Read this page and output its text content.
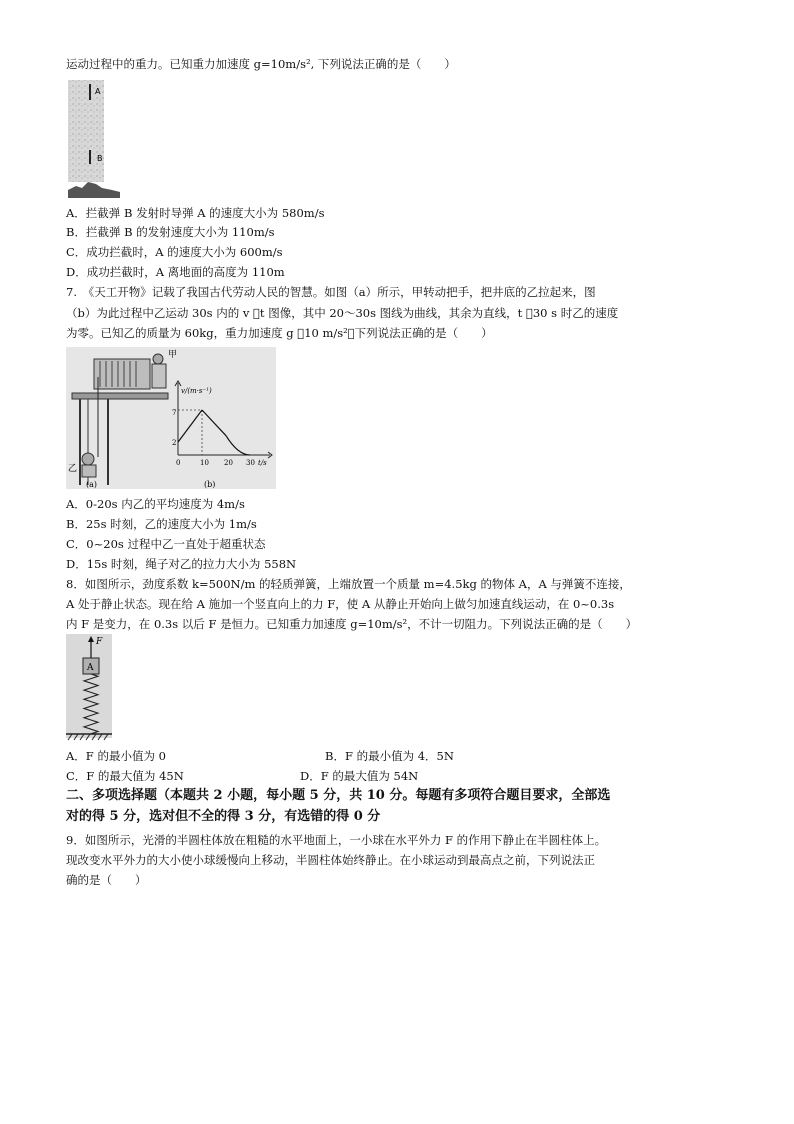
运动过程中的重力。已知重力加速度 g=10m/s², 下列说法正确的是（　　）
A
B
A．拦截弹 B 发射时导弹 A 的速度大小为 580m/s
B．拦截弹 B 的发射速度大小为 110m/s
C．成功拦截时，A 的速度大小为 600m/s
D．成功拦截时，A 离地面的高度为 110m
7.　《天工开物》记载了我国古代劳动人民的智慧。如图（a）所示，甲转动把手，把井底的乙拉起来，图
（b）为此过程中乙运动 30s 内的 v ⃞t 图像，其中 20～30s 图线为曲线，其余为直线，t ⃞30 s 时乙的速度
为零。已知乙的质量为 60kg，重力加速度 g ⃞10 m/s²，下列说法正确的是（　　）
乙
甲
(a)
v/(m·s⁻¹)
t/s
7
2
0	10 20 30
(b)
A．0-20s 内乙的平均速度为 4m/s
B．25s 时刻，乙的速度大小为 1m/s
C．0~20s 过程中乙一直处于超重状态
D．15s 时刻，绳子对乙的拉力大小为 558N
8．如图所示，劲度系数 k=500N/m 的轻质弹簧，上端放置一个质量 m=4.5kg 的物体 A，A 与弹簧不连接，
A 处于静止状态。现在给 A 施加一个竖直向上的力 F，使 A 从静止开始向上做匀加速直线运动，在 0~0.3s
内 F 是变力，在 0.3s 以后 F 是恒力。已知重力加速度 g=10m/s²，不计一切阻力。下列说法正确的是（　　）
F
A
A．F 的最小值为 0	B．F 的最小值为 4．5N
C．F 的最大值为 45N	D．F 的最大值为 54N
二、多项选择题（本题共 2 小题，每小题 5 分，共 10 分。每题有多项符合题目要求，全部选
对的得 5 分，选对但不全的得 3 分，有选错的得 0 分
9．如图所示，光滑的半圆柱体放在粗糙的水平地面上，一小球在水平外力 F 的作用下静止在半圆柱体上。
现改变水平外力的大小使小球缓慢向上移动，半圆柱体始终静止。在小球运动到最高点之前，下列说法正
确的是（　　）
